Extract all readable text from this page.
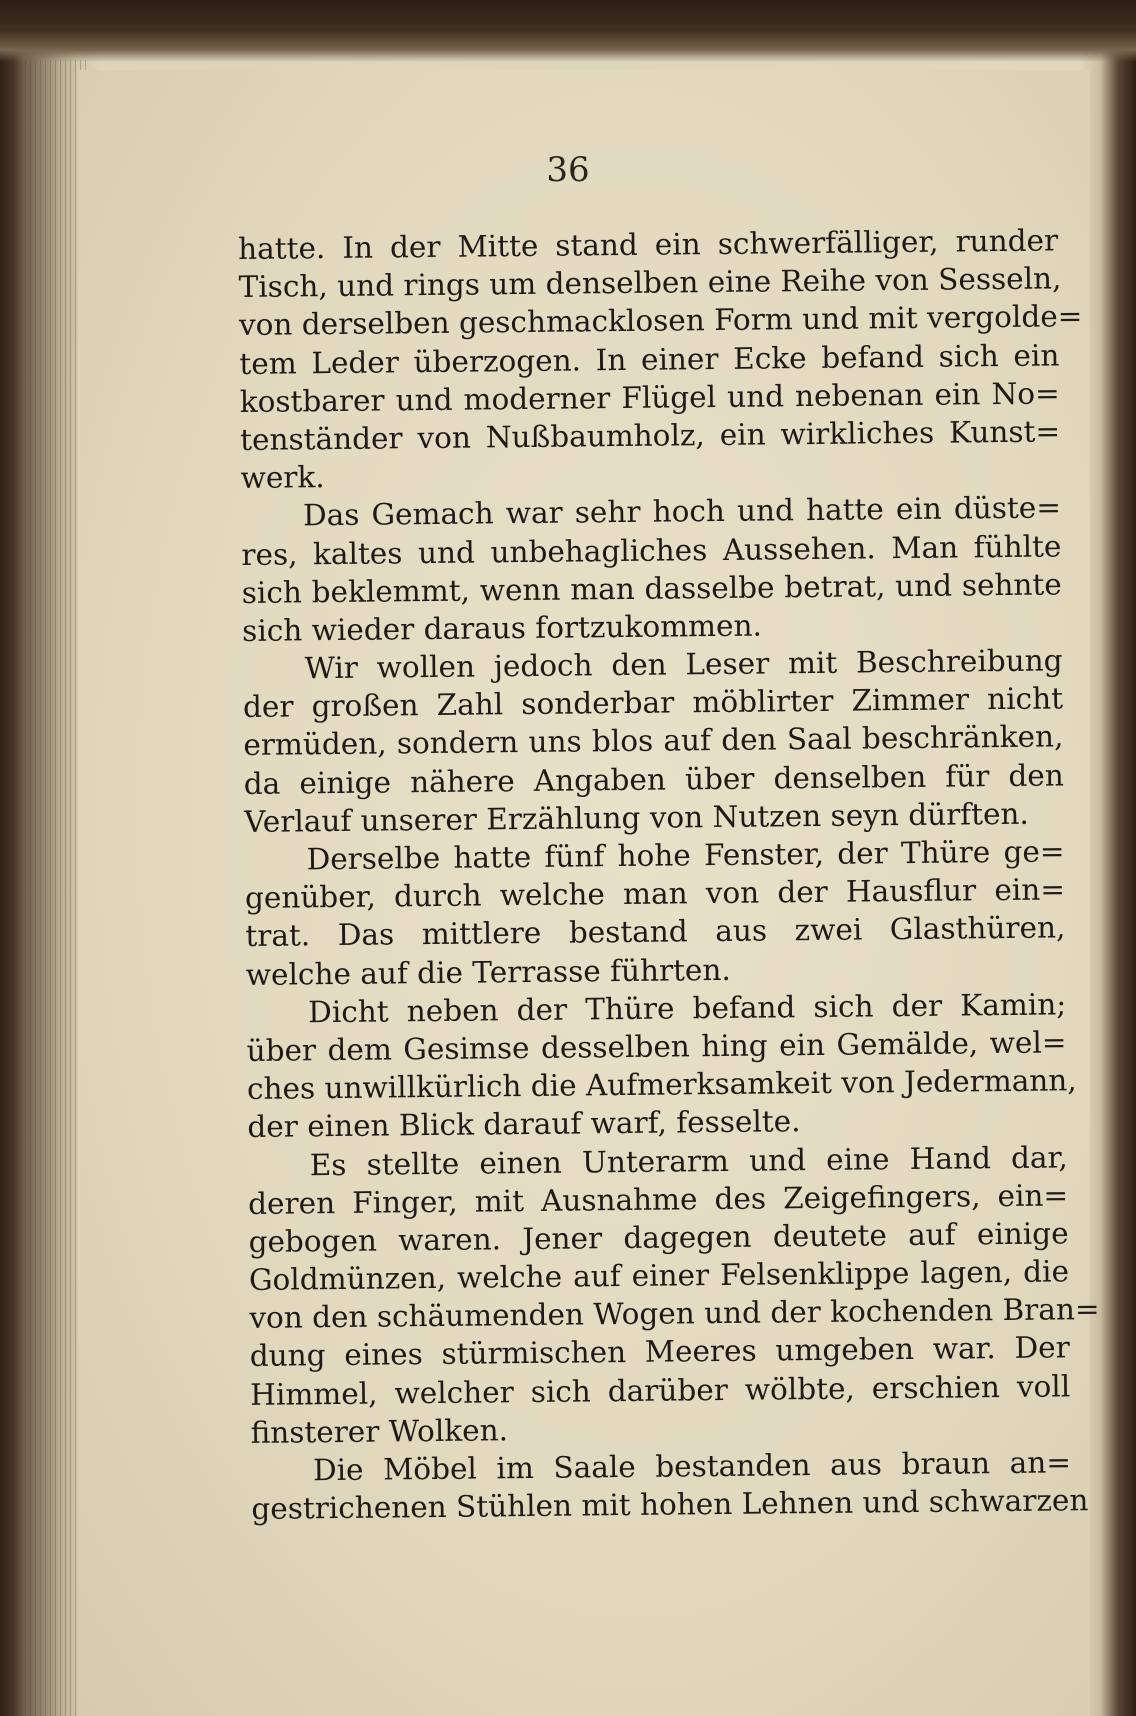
36
hatte. In der Mitte stand ein schwerfälliger, runder
Tisch, und rings um denselben eine Reihe von Sesseln,
von derselben geschmacklosen Form und mit vergolde=
tem Leder überzogen. In einer Ecke befand sich ein
kostbarer und moderner Flügel und nebenan ein No=
tenständer von Nußbaumholz, ein wirkliches Kunst=
werk.
Das Gemach war sehr hoch und hatte ein düste=
res, kaltes und unbehagliches Aussehen. Man fühlte
sich beklemmt, wenn man dasselbe betrat, und sehnte
sich wieder daraus fortzukommen.
Wir wollen jedoch den Leser mit Beschreibung
der großen Zahl sonderbar möblirter Zimmer nicht
ermüden, sondern uns blos auf den Saal beschränken,
da einige nähere Angaben über denselben für den
Verlauf unserer Erzählung von Nutzen seyn dürften.
Derselbe hatte fünf hohe Fenster, der Thüre ge=
genüber, durch welche man von der Hausflur ein=
trat. Das mittlere bestand aus zwei Glasthüren,
welche auf die Terrasse führten.
Dicht neben der Thüre befand sich der Kamin;
über dem Gesimse desselben hing ein Gemälde, wel=
ches unwillkürlich die Aufmerksamkeit von Jedermann,
der einen Blick darauf warf, fesselte.
Es stellte einen Unterarm und eine Hand dar,
deren Finger, mit Ausnahme des Zeigefingers, ein=
gebogen waren. Jener dagegen deutete auf einige
Goldmünzen, welche auf einer Felsenklippe lagen, die
von den schäumenden Wogen und der kochenden Bran=
dung eines stürmischen Meeres umgeben war. Der
Himmel, welcher sich darüber wölbte, erschien voll
finsterer Wolken.
Die Möbel im Saale bestanden aus braun an=
gestrichenen Stühlen mit hohen Lehnen und schwarzen
